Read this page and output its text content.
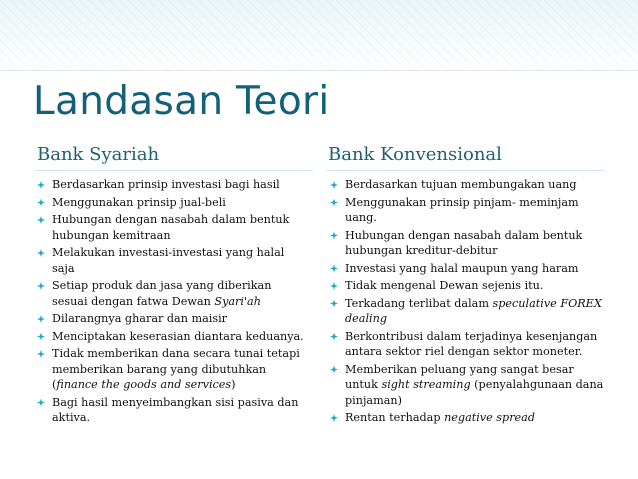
Landasan Teori
Bank Syariah	Bank Konvensional
Berdasarkan prinsip investasi bagi hasil
Menggunakan prinsip jual-beli
Hubungan dengan nasabah dalam bentuk hubungan kemitraan
Melakukan investasi-investasi yang halal saja
Setiap produk dan jasa yang diberikan sesuai dengan fatwa Dewan Syari'ah
Dilarangnya gharar dan maisir
Menciptakan keserasian diantara keduanya.
Tidak memberikan dana secara tunai tetapi memberikan barang yang dibutuhkan (finance the goods and services)
Bagi hasil menyeimbangkan sisi pasiva dan aktiva.
Berdasarkan tujuan membungakan uang
Menggunakan prinsip pinjam- meminjam uang.
Hubungan dengan nasabah dalam bentuk hubungan kreditur-debitur
Investasi yang halal maupun yang haram
Tidak mengenal Dewan sejenis itu.
Terkadang terlibat dalam speculative FOREX dealing
Berkontribusi dalam terjadinya kesenjangan antara sektor riel dengan sektor moneter.
Memberikan peluang yang sangat besar untuk sight streaming (penyalahgunaan dana pinjaman)
Rentan terhadap negative spread
